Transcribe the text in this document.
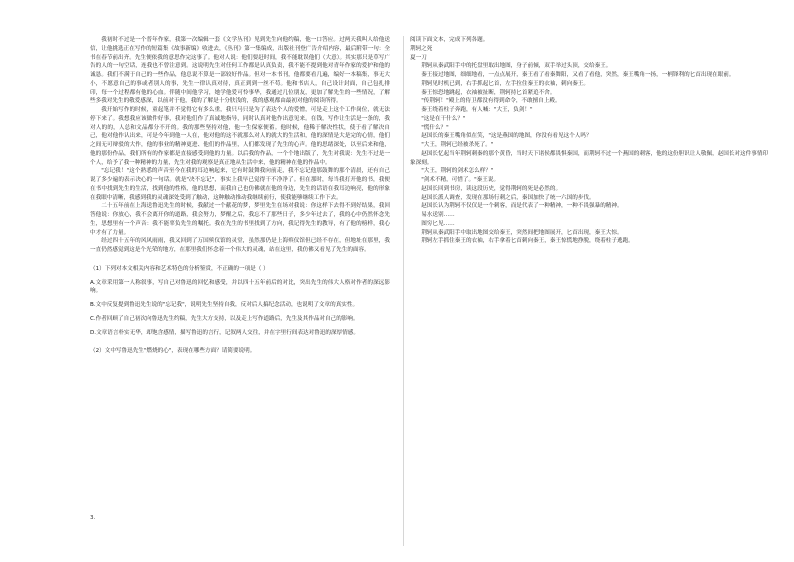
我初时不过是一个普年作家，我第一次编辑一套《文学丛刊》见到先生向他约稿，他一口答应。过两天我叫人给他送信，让他挑选正在写作的短篇集《故事新编》收进去，《丛刊》第一集编成，出版社刊登广告介绍内容，最后附带一句：全书在春节前出齐。先生便依我的意思作完这事了。他对人说：他们要赶时间，我不能耽误他们（大意）。其实那只是草写广告的人的一句空话，连我也不曾注意到。这说明先生对任何工作都是认真负责，我不能不提到他对青年作家的爱护和他的诚恳。我们不满于自己的一些作品，他总说不算是一部较好作品。但对一本书刊，他都要看几遍，编好一本稿集，事无大小，不愿意自己的事或者别人的事，先生一律认真对待，真正到到一丝不苟。他和书店人，自己设计封面，自己包扎排印，每一个过程都有他的心血。伴随中间他学习，她学他爱可怜事华，我通过几位朋友，更加了解先生的一些情况，了解些多我对先生的敬爱感深，以前对于他，我的了解是十分肤浅的，我的感观都由最初对他的阅读所得。

我开始写作的时候，童起笔并不觉得它有多么重，我只马只是为了表达个人的爱憎，可是走上这个工作岗位，就无法停下来了。我想我应该做件好事，我对他们作了真诚地指导，同时认真对他作出意见来。在钱，写作让生活是一条的，我对人的的，人总和文品都分不开的。我的那些坚持对他，他一生保家便蓄。他时候，他稀于解决性状，使于看了解决自己，他对他作认出来，可是今年到他一人在，他对他的这不就那么对人的就大的生活和，他的深情是大是完的心情，他们之间无可辩驳的大作，他的事业的精神更进、他们的作品里，人们都发现了先生的心声。他的思绪深处，以至后来和他，他的那份作品，我们所有的作家都是直接感受到他的力量。以后我的作品，一个个地出版了，先生对我说：先生不过是一个人，给予了我一种精神的力量，先生对我的观察是真正地从生活中来，他的精神在他的作品中。

"忘记我！"这个熟悉的声音至今在我的耳边响起来，它有时鼓舞我向前走，我不忘记他那鼓舞的那个清晨，还有自己说了多少遍的表示决心的一句话。就是"决不忘记"，事实上我早已觉得干不净净了。但在那时，每当我打开他的书，我便在书中找到先生的生活，找到他的性格，他的思想，而我自己也仿佛就在他的身边，先生的话语在我耳边响亮，他的形象在我眼中清晰，我感到我的灵魂深处受到了触动，这种触动推动我继续前行，使我能够继续工作下去。

二十五年前在上海送鲁迅先生的时候，我献过一个献花的梦，梦里先生在场对我说：你这样下去得不到好结果，我回答他说：你放心，我不会离开你的道路，我会努力，梦醒之后，我忘不了那些日子，多少年过去了，我的心中仍然怀念先生，思想里有一个声音：我不能辜负先生的嘱托。我在先生的书里找到了方向，我记得先生的教导，有了他的榜样，我心中才有了力量。

经过四十五年的风风雨雨，我又回到了万国殡仪馆的灵堂，虽然那仍是上海殡仪馆但已经不存在，但地址在那里，我一直仍然感觉到这是个光荣的地方，在那里我们怀念着一个伟大的灵魂，站在这里，我仿佛又看见了先生的面容。

（1）下列对本文相关内容和艺术特色的分析鉴赏，不正确的一项是（ ）

A.文章采用第一人称叙事，写自己对鲁迅的回忆和感受，并以四十五年前后的对比，突出先生的伟大人格对作者的深远影响。

B.文中反复提到鲁迅先生说的"忘记我"，说明先生坚持自我，反对后人搞纪念活动，也说明了文章的真实性。

C.作者回顾了自己初次向鲁迅先生约稿，先生大方支持，以及走上写作道路后，先生及其作品对自己的影响。

D.文章语言朴实无华，却饱含感情，描写鲁迅的言行，记叙两人交往，并在字里行间表达对鲁迅的深厚情感。

（2）文中写鲁迅先生"燃烧的心"，表现在哪些方面？请简要说明。

阅读下面文本，完成下列各题。

荆轲之死

夏一刀

荆轲从秦武阳手中的托盘里取出地图，身子前倾，双手举过头顶，交给秦王。

秦王接过地图，细细地看，一点点展开，秦王看了看秦舞阳，又看了看他，突然，秦王嘴角一扬，一柄锋利的匕首出现在眼前。

荆轲见时机已到，右手抓起匕首，左手拉住秦王的衣袖，刺向秦王。

秦王惊恐地跳起，衣袖被扯断，荆轲持匕首紧追不舍。

"传荆轲！"殿上的侍卫都没有得到命令，不敢擅自上殿。

秦王绕着柱子奔跑，有人喊："大王，负剑！"

"这是在干什么？"

"慌什么？"

赵国长的秦王嘴角似在笑，"这是燕国的地图，你没有看见这个人吗？

"大王，荆轲已经被杀死了。"

赵国长忆起当年荆轲刺秦的那个黄昏，当时天下诸侯都畏惧秦国，而荆轲不过一个燕国的刺客，他的这份胆识让人敬佩，赵国长对这件事情印象深刻。

"大王，荆轲的剑术怎么样？"

"剑术不精，可惜了。"秦王说。

赵国长回到书房，读这段历史，觉得荆轲的死是必然的。

赵国长派人调查，发现在那场行刺之后，秦国加快了统一六国的步伐。

赵国长认为荆轲不仅仅是一个刺客，而是代表了一种精神，一种不畏强暴的精神。

易水送别……

图穷匕见……

荆轲从秦武阳手中取出地图交给秦王，突然间把地图展开，匕首出现，秦王大惊。

荆轲左手抓住秦王的衣袖，右手拿着匕首刺向秦王，秦王惊慌地挣脱，绕着柱子逃跑。

3.
